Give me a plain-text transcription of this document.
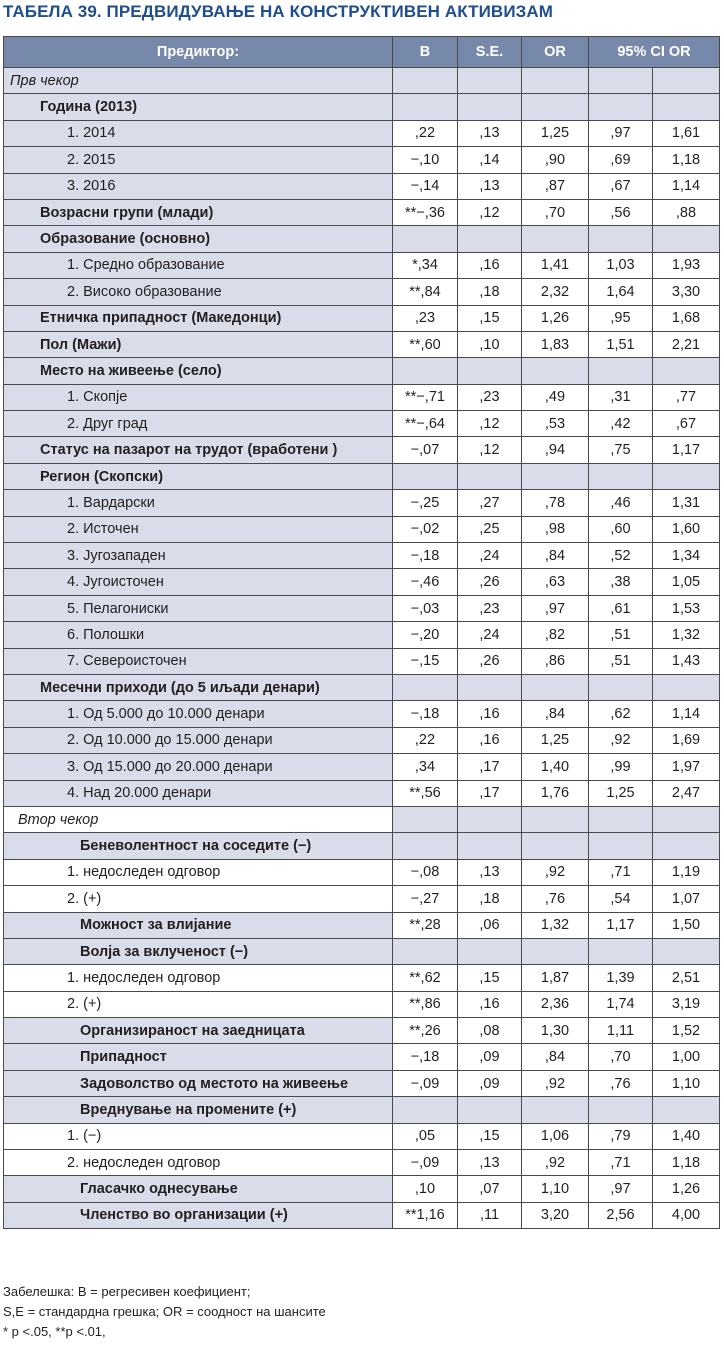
ТАБЕЛА 39. ПРЕДВИДУВАЊЕ НА КОНСТРУКТИВЕН АКТИВИЗАМ
Предиктор:	B	S.E.	OR	95% CI OR	
Прв чекор					
Година (2013)					
1. 2014	,22	,13	1,25	,97	1,61
2. 2015	−,10	,14	,90	,69	1,18
3. 2016	−,14	,13	,87	,67	1,14
Возрасни групи (млади)	**−,36	,12	,70	,56	,88
Образование (основно)					
1. Средно образование	*,34	,16	1,41	1,03	1,93
2. Високо образование	**,84	,18	2,32	1,64	3,30
Етничка припадност (Македонци)	,23	,15	1,26	,95	1,68
Пол (Мажи)	**,60	,10	1,83	1,51	2,21
Место на живеење (село)					
1. Скопје	**−,71	,23	,49	,31	,77
2. Друг град	**−,64	,12	,53	,42	,67
Статус на пазарот на трудот (вработени )	−,07	,12	,94	,75	1,17
Регион (Скопски)					
1. Вардарски	−,25	,27	,78	,46	1,31
2. Источен	−,02	,25	,98	,60	1,60
3. Југозападен	−,18	,24	,84	,52	1,34
4. Југоисточен	−,46	,26	,63	,38	1,05
5. Пелагониски	−,03	,23	,97	,61	1,53
6. Полошки	−,20	,24	,82	,51	1,32
7. Североисточен	−,15	,26	,86	,51	1,43
Месечни приходи (до 5 иљади денари)					
1. Од 5.000 до 10.000 денари	−,18	,16	,84	,62	1,14
2. Од 10.000 до 15.000 денари	,22	,16	1,25	,92	1,69
3. Од 15.000 до 20.000 денари	,34	,17	1,40	,99	1,97
4. Над 20.000 денари	**,56	,17	1,76	1,25	2,47
Втор чекор					
Беневолентност на соседите (−)					
1. недоследен одговор	−,08	,13	,92	,71	1,19
2. (+)	−,27	,18	,76	,54	1,07
Можност за влијание	**,28	,06	1,32	1,17	1,50
Волја за вклученост (−)					
1. недоследен одговор	**,62	,15	1,87	1,39	2,51
2. (+)	**,86	,16	2,36	1,74	3,19
Организираност на заедницата	**,26	,08	1,30	1,11	1,52
Припадност	−,18	,09	,84	,70	1,00
Задоволство од местото на живеење	−,09	,09	,92	,76	1,10
Вреднување на промените (+)					
1. (−)	,05	,15	1,06	,79	1,40
2. недоследен одговор	−,09	,13	,92	,71	1,18
Гласачко однесување	,10	,07	1,10	,97	1,26
Членство во организации (+)	**1,16	,11	3,20	2,56	4,00
Забелешка: B = регресивен коефициент;
S,E = стандардна грешка; OR = соодност на шансите
* p <.05, **p <.01,
